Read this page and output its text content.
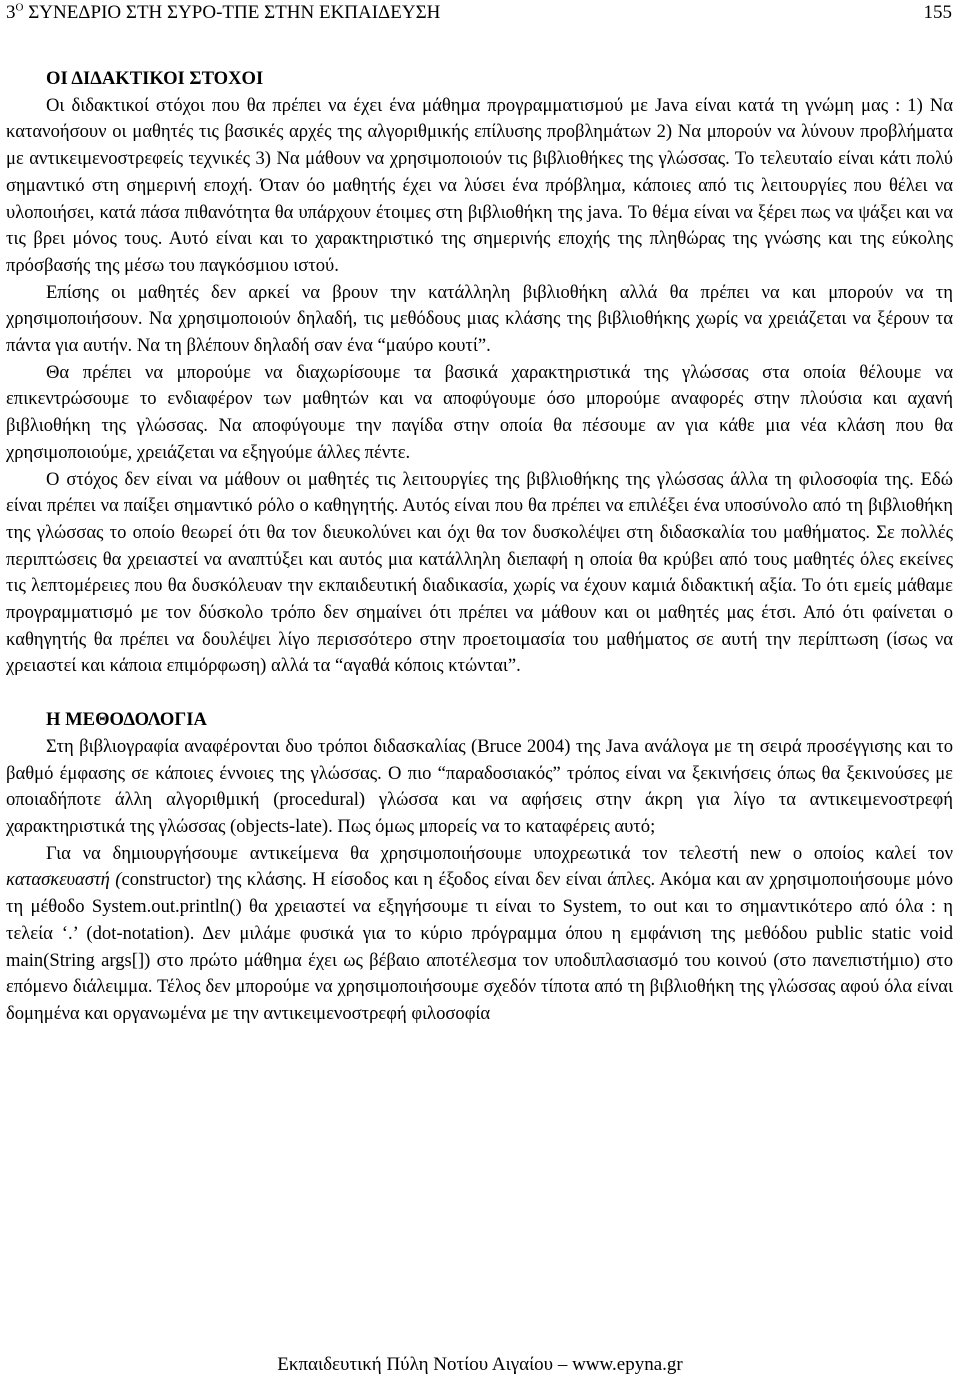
$3^O$ ΣΥΝΕΔΡΙΟ ΣΤΗ ΣΥΡΟ-ΤΠΕ ΣΤΗΝ ΕΚΠΑΙΔΕΥΣΗ	155

ΟΙ ΔΙΔΑΚΤΙΚΟΙ ΣΤΟΧΟΙ

Οι διδακτικοί στόχοι που θα πρέπει να έχει ένα μάθημα προγραμματισμού με Java είναι κατά τη γνώμη μας : 1) Να κατανοήσουν οι μαθητές τις βασικές αρχές της αλγοριθμικής επίλυσης προβλημάτων 2) Να μπορούν να λύνουν προβλήματα με αντικειμενοστρεφείς τεχνικές 3) Να μάθουν να χρησιμοποιούν τις βιβλιοθήκες της γλώσσας. Το τελευταίο είναι κάτι πολύ σημαντικό στη σημερινή εποχή. Όταν όο μαθητής έχει να λύσει ένα πρόβλημα, κάποιες από τις λειτουργίες που θέλει να υλοποιήσει, κατά πάσα πιθανότητα θα υπάρχουν έτοιμες στη βιβλιοθήκη της java. Το θέμα είναι να ξέρει πως να ψάξει και να τις βρει μόνος τους. Αυτό είναι και το χαρακτηριστικό της σημερινής εποχής της πληθώρας της γνώσης και της εύκολης πρόσβασής της μέσω του παγκόσμιου ιστού.

Επίσης οι μαθητές δεν αρκεί να βρουν την κατάλληλη βιβλιοθήκη αλλά θα πρέπει να και μπορούν να τη χρησιμοποιήσουν. Να χρησιμοποιούν δηλαδή, τις μεθόδους μιας κλάσης της βιβλιοθήκης χωρίς να χρειάζεται να ξέρουν τα πάντα για αυτήν. Να τη βλέπουν δηλαδή σαν ένα “μαύρο κουτί”.

Θα πρέπει να μπορούμε να διαχωρίσουμε τα βασικά χαρακτηριστικά της γλώσσας στα οποία θέλουμε να επικεντρώσουμε το ενδιαφέρον των μαθητών και να αποφύγουμε όσο μπορούμε αναφορές στην πλούσια και αχανή βιβλιοθήκη της γλώσσας. Να αποφύγουμε την παγίδα στην οποία θα πέσουμε αν για κάθε μια νέα κλάση που θα χρησιμοποιούμε, χρειάζεται να εξηγούμε άλλες πέντε.

Ο στόχος δεν είναι να μάθουν οι μαθητές τις λειτουργίες της βιβλιοθήκης της γλώσσας άλλα τη φιλοσοφία της. Εδώ είναι πρέπει να παίξει σημαντικό ρόλο ο καθηγητής. Αυτός είναι που θα πρέπει να επιλέξει ένα υποσύνολο από τη βιβλιοθήκη της γλώσσας το οποίο θεωρεί ότι θα τον διευκολύνει και όχι θα τον δυσκολέψει στη διδασκαλία του μαθήματος. Σε πολλές περιπτώσεις θα χρειαστεί να αναπτύξει και αυτός μια κατάλληλη διεπαφή η οποία θα κρύβει από τους μαθητές όλες εκείνες τις λεπτομέρειες που θα δυσκόλευαν την εκπαιδευτική διαδικασία, χωρίς να έχουν καμιά διδακτική αξία. Το ότι εμείς μάθαμε προγραμματισμό με τον δύσκολο τρόπο δεν σημαίνει ότι πρέπει να μάθουν και οι μαθητές μας έτσι. Από ότι φαίνεται ο καθηγητής θα πρέπει να δουλέψει λίγο περισσότερο στην προετοιμασία του μαθήματος σε αυτή την περίπτωση (ίσως να χρειαστεί και κάποια επιμόρφωση) αλλά τα “αγαθά κόποις κτώνται”.

Η ΜΕΘΟΔΟΛΟΓΙΑ

Στη βιβλιογραφία αναφέρονται δυο τρόποι διδασκαλίας (Bruce 2004) της Java ανάλογα με τη σειρά προσέγγισης και το βαθμό έμφασης σε κάποιες έννοιες της γλώσσας. Ο πιο “παραδοσιακός” τρόπος είναι να ξεκινήσεις όπως θα ξεκινούσες με οποιαδήποτε άλλη αλγοριθμική (procedural) γλώσσα και να αφήσεις στην άκρη για λίγο τα αντικειμενοστρεφή χαρακτηριστικά της γλώσσας (objects-late). Πως όμως μπορείς να το καταφέρεις αυτό;

Για να δημιουργήσουμε αντικείμενα θα χρησιμοποιήσουμε υποχρεωτικά τον τελεστή new ο οποίος καλεί τον κατασκευαστή (constructor) της κλάσης. Η είσοδος και η έξοδος είναι δεν είναι άπλες. Ακόμα και αν χρησιμοποιήσουμε μόνο τη μέθοδο System.out.println() θα χρειαστεί να εξηγήσουμε τι είναι το System, το out και το σημαντικότερο από όλα : η τελεία ‘.’ (dot-notation). Δεν μιλάμε φυσικά για το κύριο πρόγραμμα όπου η εμφάνιση της μεθόδου public static void main(String args[]) στο πρώτο μάθημα έχει ως βέβαιο αποτέλεσμα τον υποδιπλασιασμό του κοινού (στο πανεπιστήμιο) στο επόμενο διάλειμμα. Τέλος δεν μπορούμε να χρησιμοποιήσουμε σχεδόν τίποτα από τη βιβλιοθήκη της γλώσσας αφού όλα είναι δομημένα και οργανωμένα με την αντικειμενοστρεφή φιλοσοφία

Εκπαιδευτική Πύλη Νοτίου Αιγαίου – www.epyna.gr
